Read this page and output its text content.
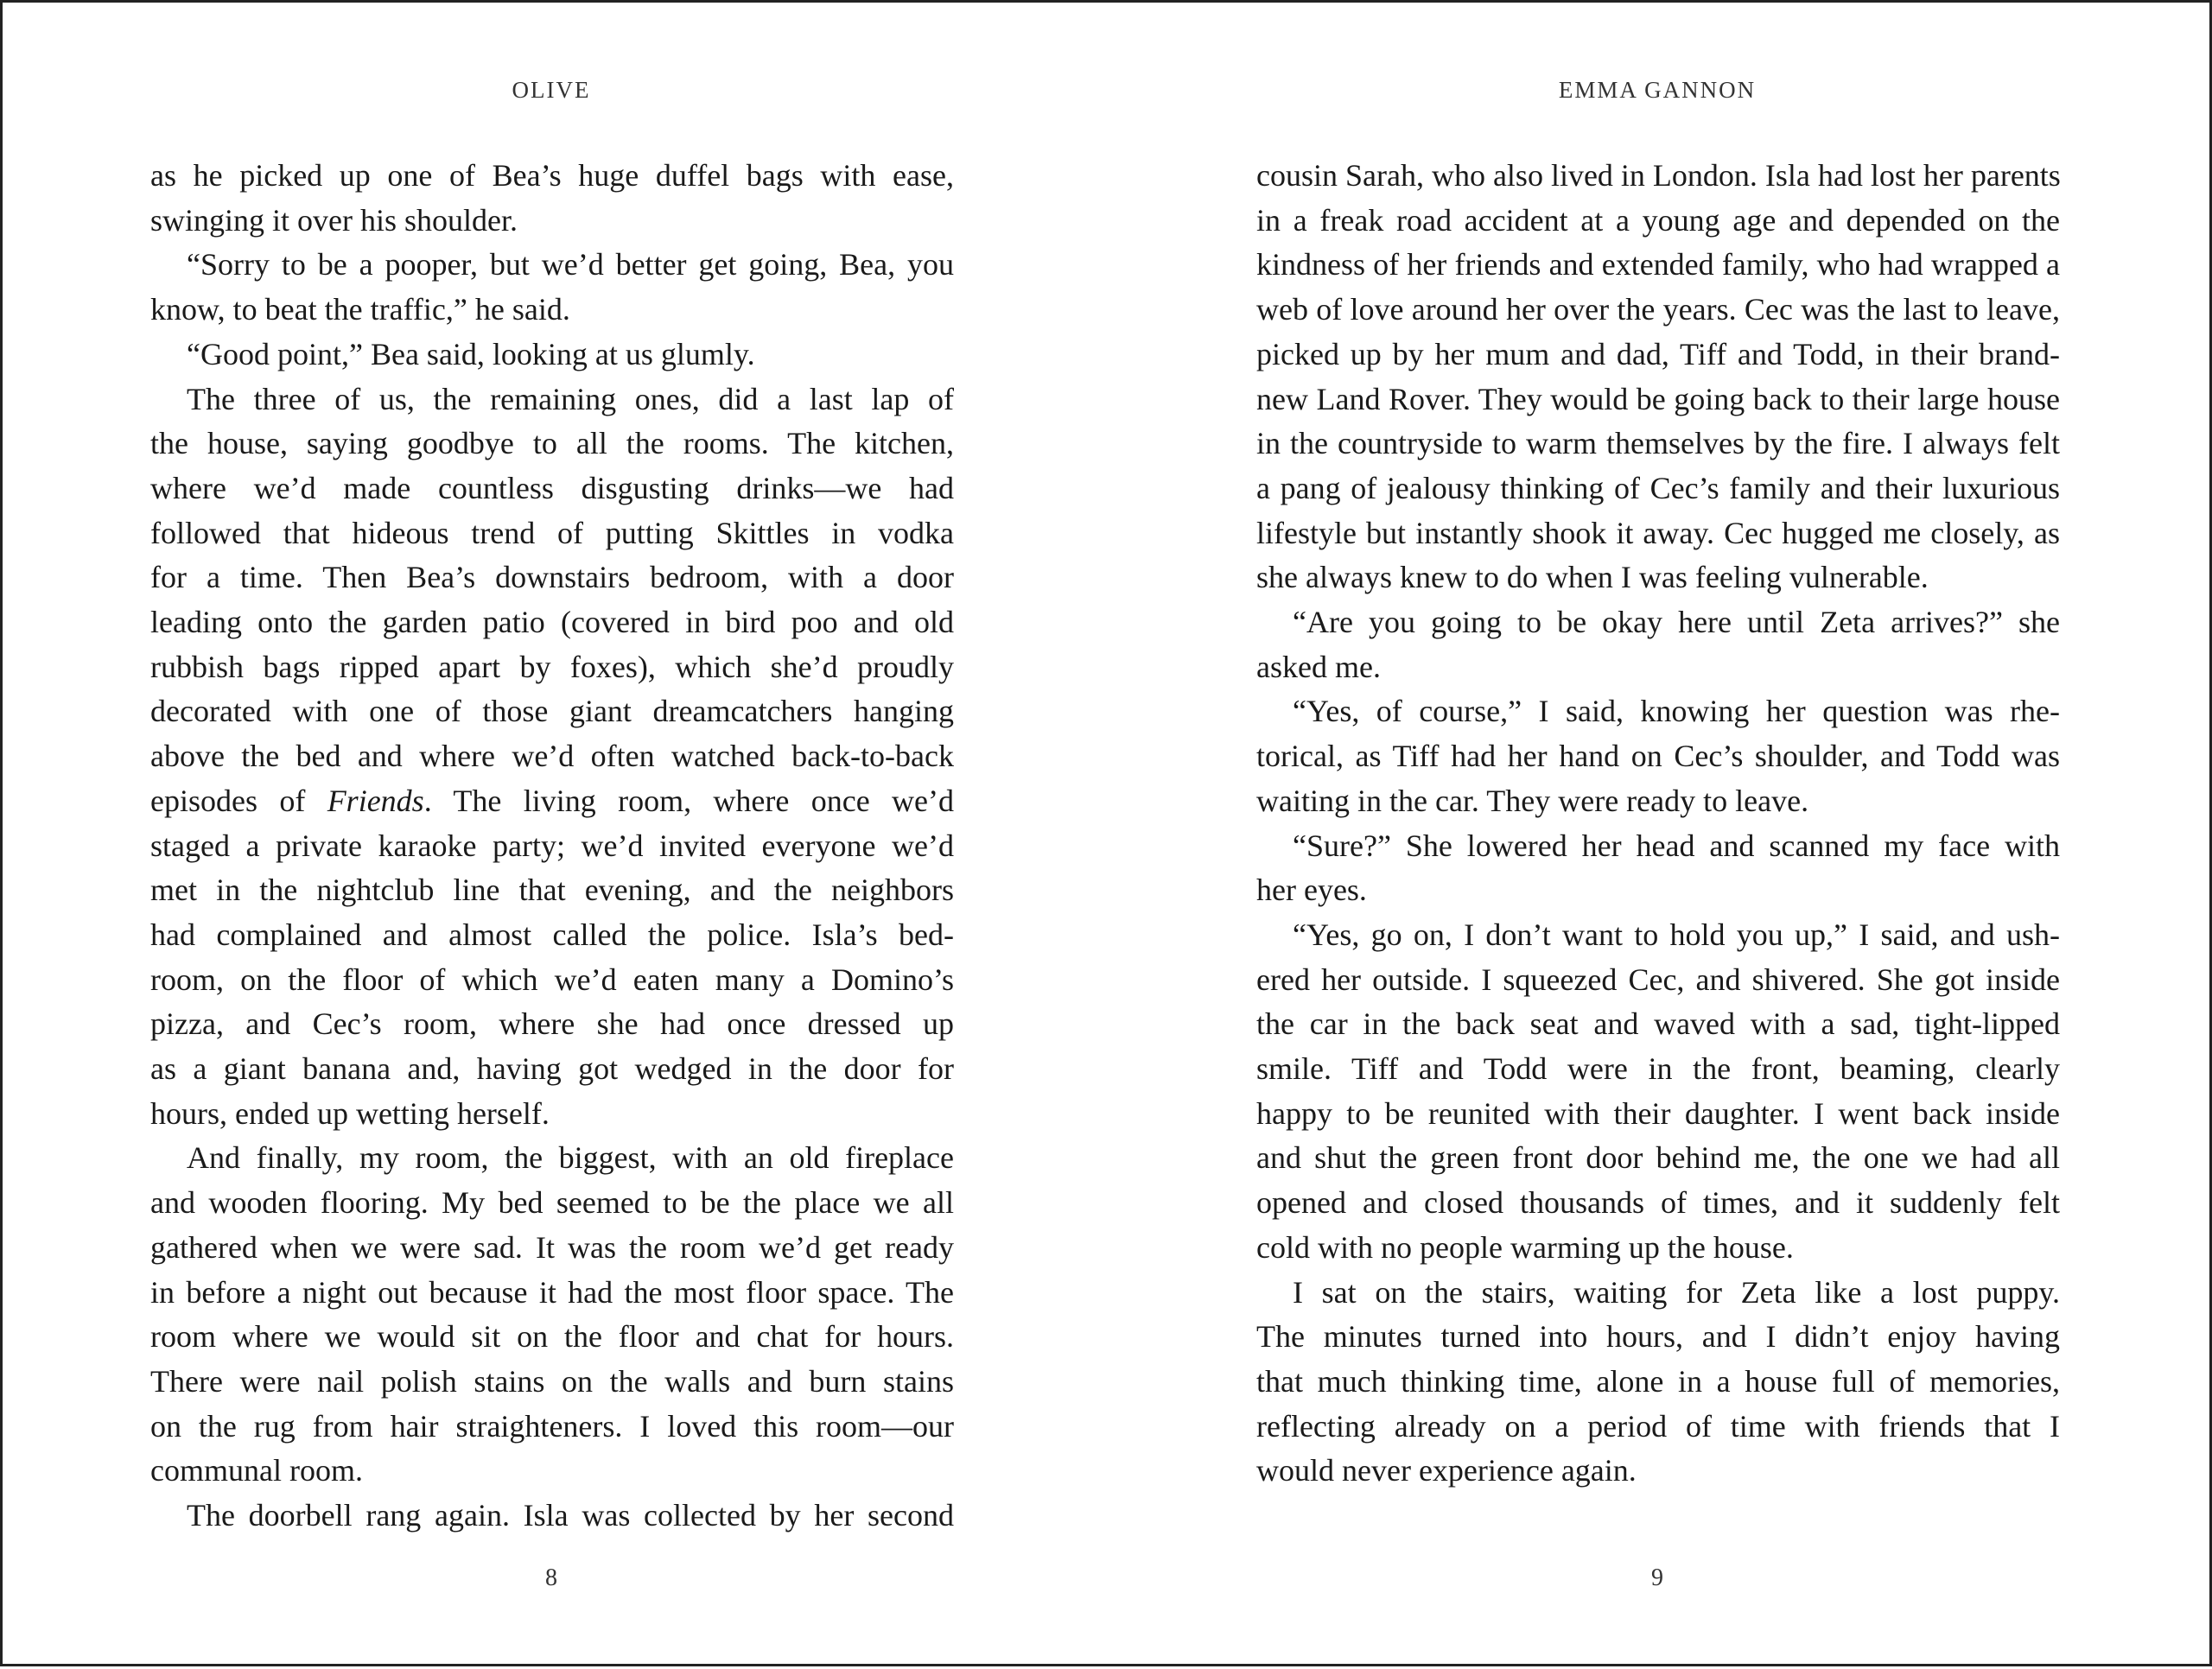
OLIVE
as he picked up one of Bea’s huge duffel bags with ease,
swinging it over his shoulder.
“Sorry to be a pooper, but we’d better get going, Bea, you
know, to beat the traffic,” he said.
“Good point,” Bea said, looking at us glumly.
The three of us, the remaining ones, did a last lap of
the house, saying goodbye to all the rooms. The kitchen,
where we’d made countless disgusting drinks—we had
followed that hideous trend of putting Skittles in vodka
for a time. Then Bea’s downstairs bedroom, with a door
leading onto the garden patio (covered in bird poo and old
rubbish bags ripped apart by foxes), which she’d proudly
decorated with one of those giant dreamcatchers hanging
above the bed and where we’d often watched back-to-back
episodes of Friends. The living room, where once we’d
staged a private karaoke party; we’d invited everyone we’d
met in the nightclub line that evening, and the neighbors
had complained and almost called the police. Isla’s bed-
room, on the floor of which we’d eaten many a Domino’s
pizza, and Cec’s room, where she had once dressed up
as a giant banana and, having got wedged in the door for
hours, ended up wetting herself.
And finally, my room, the biggest, with an old fireplace
and wooden flooring. My bed seemed to be the place we all
gathered when we were sad. It was the room we’d get ready
in before a night out because it had the most floor space. The
room where we would sit on the floor and chat for hours.
There were nail polish stains on the walls and burn stains
on the rug from hair straighteners. I loved this room—our
communal room.
The doorbell rang again. Isla was collected by her second
8
EMMA GANNON
cousin Sarah, who also lived in London. Isla had lost her parents
in a freak road accident at a young age and depended on the
kindness of her friends and extended family, who had wrapped a
web of love around her over the years. Cec was the last to leave,
picked up by her mum and dad, Tiff and Todd, in their brand-
new Land Rover. They would be going back to their large house
in the countryside to warm themselves by the fire. I always felt
a pang of jealousy thinking of Cec’s family and their luxurious
lifestyle but instantly shook it away. Cec hugged me closely, as
she always knew to do when I was feeling vulnerable.
“Are you going to be okay here until Zeta arrives?” she
asked me.
“Yes, of course,” I said, knowing her question was rhe-
torical, as Tiff had her hand on Cec’s shoulder, and Todd was
waiting in the car. They were ready to leave.
“Sure?” She lowered her head and scanned my face with
her eyes.
“Yes, go on, I don’t want to hold you up,” I said, and ush-
ered her outside. I squeezed Cec, and shivered. She got inside
the car in the back seat and waved with a sad, tight-lipped
smile. Tiff and Todd were in the front, beaming, clearly
happy to be reunited with their daughter. I went back inside
and shut the green front door behind me, the one we had all
opened and closed thousands of times, and it suddenly felt
cold with no people warming up the house.
I sat on the stairs, waiting for Zeta like a lost puppy.
The minutes turned into hours, and I didn’t enjoy having
that much thinking time, alone in a house full of memories,
reflecting already on a period of time with friends that I
would never experience again.
9
